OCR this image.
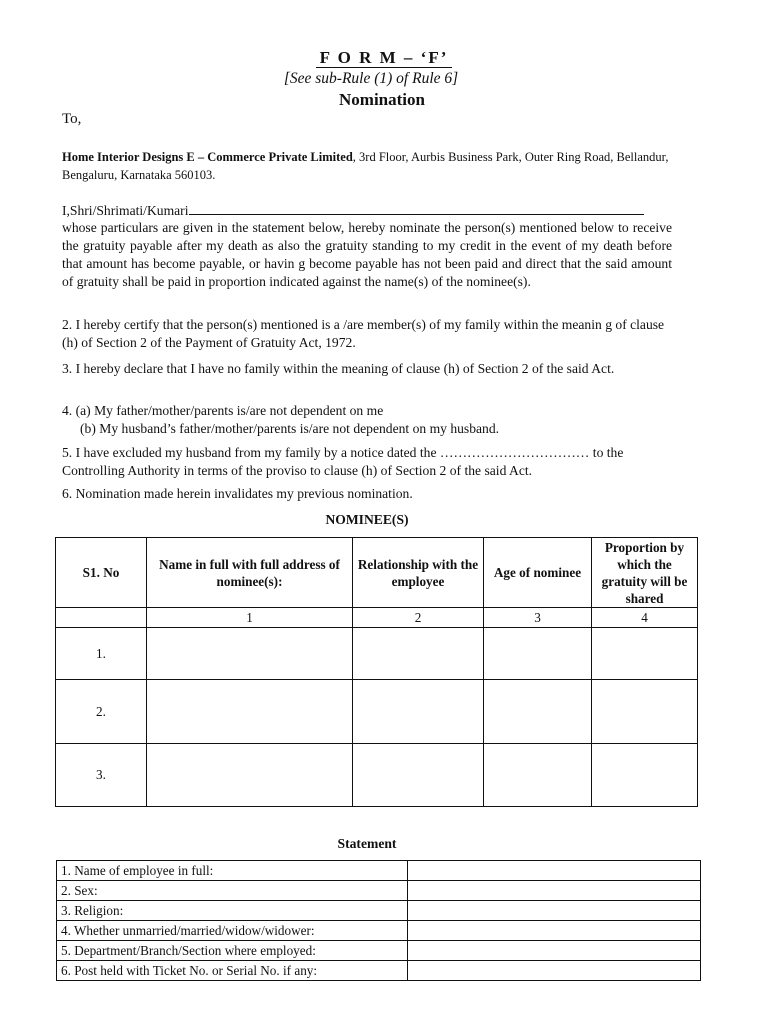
F O R M – ‘F’
[See sub-Rule (1) of Rule 6]
Nomination
To,
Home Interior Designs E – Commerce Private Limited, 3rd Floor, Aurbis Business Park, Outer Ring Road, Bellandur, Bengaluru, Karnataka 560103.
I,Shri/Shrimati/Kumari
whose particulars are given in the statement below, hereby nominate the person(s) mentioned below to receive the gratuity payable after my death as also the gratuity standing to my credit in the event of my death before that amount has become payable, or havin g become payable has not been paid and direct that the said amount of gratuity shall be paid in proportion indicated against the name(s) of the nominee(s).
2. I hereby certify that the person(s) mentioned is a /are member(s) of my family within the meanin g of clause (h) of Section 2 of the Payment of Gratuity Act, 1972.
3. I hereby declare that I have no family within the meaning of clause (h) of Section 2 of the said Act.
4. (a) My father/mother/parents is/are not dependent on me
(b) My husband’s father/mother/parents is/are not dependent on my husband.
5. I have excluded my husband from my family by a notice dated the …………………………… to the Controlling Authority in terms of the proviso to clause (h) of Section 2 of the said Act.
6. Nomination made herein invalidates my previous nomination.
NOMINEE(S)
S1. No	Name in full with full address of nominee(s):	Relationship with the employee	Age of nominee	Proportion by which the gratuity will be shared
	1	2	3	4
1.				
2.				
3.				
Statement
1. Name of employee in full:	
2. Sex:	
3. Religion:	
4. Whether unmarried/married/widow/widower:	
5. Department/Branch/Section where employed:	
6. Post held with Ticket No. or Serial No. if any:	
